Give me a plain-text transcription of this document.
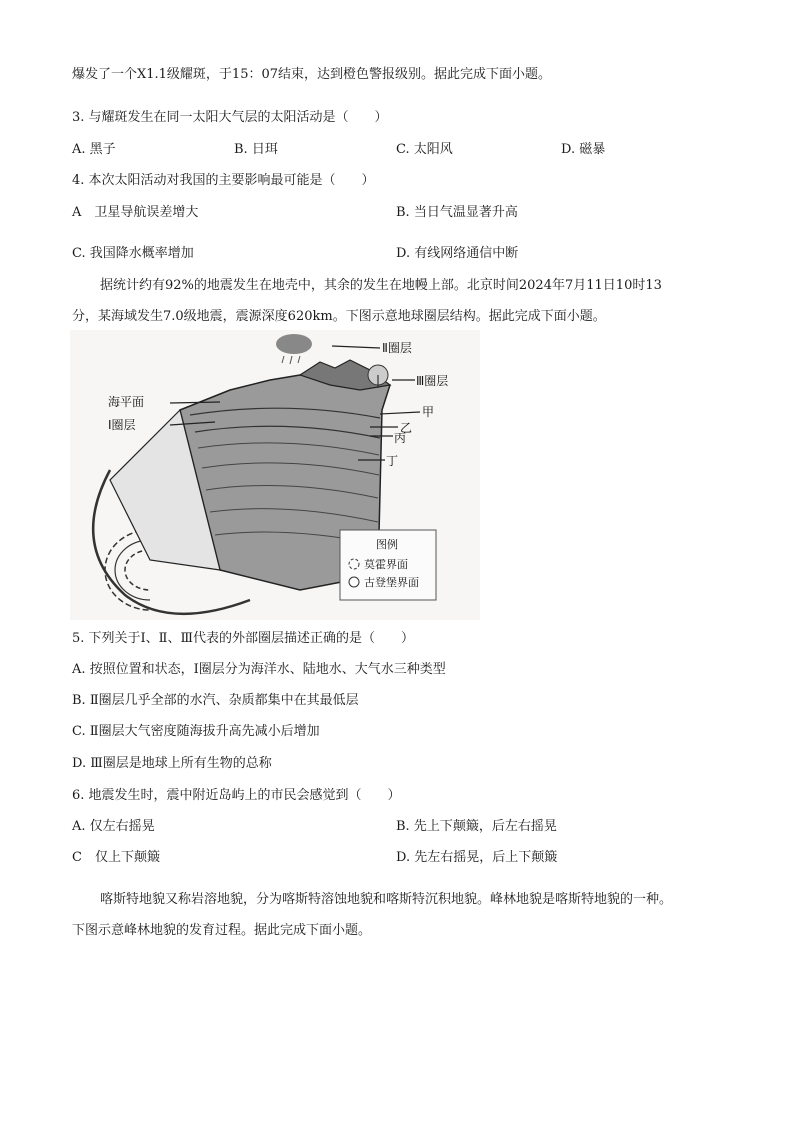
爆发了一个X1.1级耀斑，于15：07结束，达到橙色警报级别。据此完成下面小题。
3. 与耀斑发生在同一太阳大气层的太阳活动是（　　）
A. 黑子	B. 日珥	C. 太阳风	D. 磁暴
4. 本次太阳活动对我国的主要影响最可能是（　　）
A　卫星导航误差增大	B. 当日气温显著升高
C. 我国降水概率增加	D. 有线网络通信中断
据统计约有92%的地震发生在地壳中，其余的发生在地幔上部。北京时间2024年7月11日10时13
分，某海域发生7.0级地震，震源深度620km。下图示意地球圈层结构。据此完成下面小题。
Ⅱ圈层
Ⅲ圈层
海平面
Ⅰ圈层
甲
乙
丙
丁
图例
莫霍界面
古登堡界面
5. 下列关于Ⅰ、Ⅱ、Ⅲ代表的外部圈层描述正确的是（　　）
A. 按照位置和状态，Ⅰ圈层分为海洋水、陆地水、大气水三种类型
B. Ⅱ圈层几乎全部的水汽、杂质都集中在其最低层
C. Ⅱ圈层大气密度随海拔升高先减小后增加
D. Ⅲ圈层是地球上所有生物的总称
6. 地震发生时，震中附近岛屿上的市民会感觉到（　　）
A. 仅左右摇晃	B. 先上下颠簸，后左右摇晃
C　仅上下颠簸	D. 先左右摇晃，后上下颠簸
喀斯特地貌又称岩溶地貌，分为喀斯特溶蚀地貌和喀斯特沉积地貌。峰林地貌是喀斯特地貌的一种。
下图示意峰林地貌的发育过程。据此完成下面小题。
